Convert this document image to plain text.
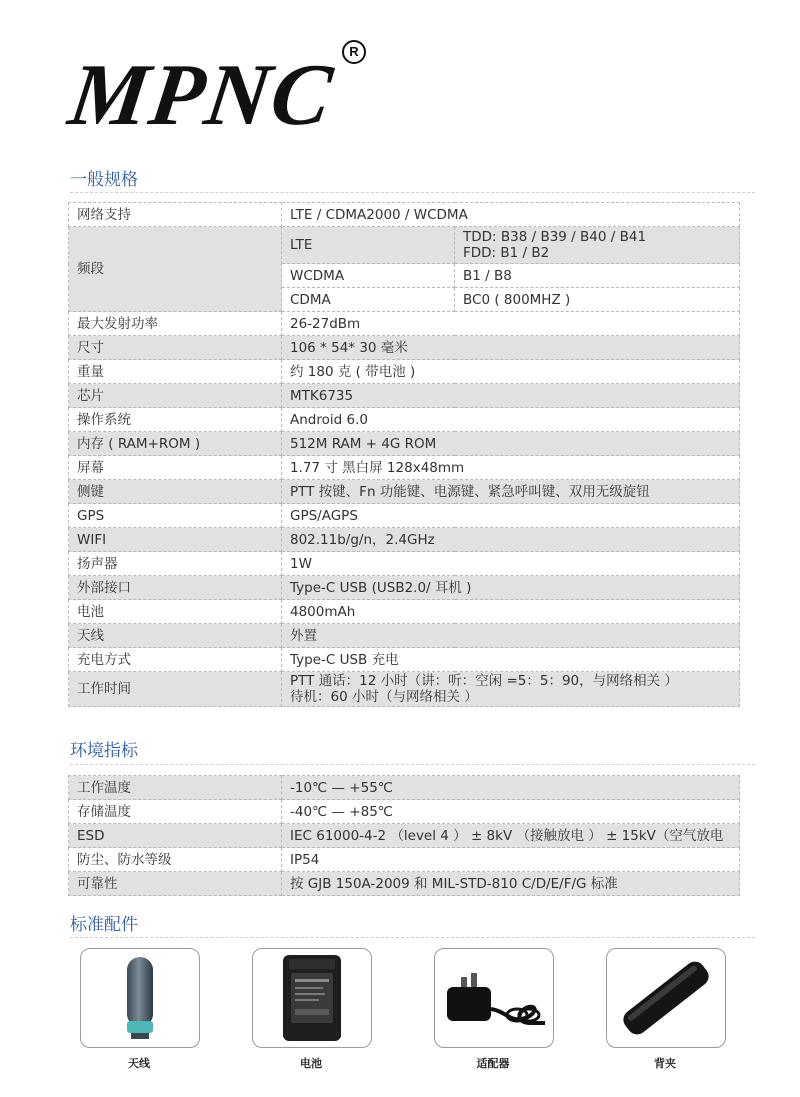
MPNC R
一般规格
网络支持	LTE / CDMA2000 / WCDMA	
频段	LTE	TDD: B38 / B39 / B40 / B41
FDD: B1 / B2

	WCDMA	B1 / B8
	CDMA	BC0 ( 800MHZ )
最大发射功率	26-27dBm	
尺寸	106 * 54* 30 毫米	
重量	约 180 克 ( 带电池 )	
芯片	MTK6735	
操作系统	Android 6.0	
内存 ( RAM+ROM )	512M RAM + 4G ROM	
屏幕	1.77 寸 黑白屏 128x48mm	
侧键	PTT 按键、Fn 功能键、电源键、紧急呼叫键、双用无级旋钮	
GPS	GPS/AGPS	
WIFI	802.11b/g/n，2.4GHz	
扬声器	1W	
外部接口	Type-C USB (USB2.0/ 耳机 )	
电池	4800mAh	
天线	外置	
充电方式	Type-C USB 充电	
工作时间	PTT 通话：12 小时（讲：听：空闲 =5：5：90，与网络相关 ）
待机：60 小时（与网络相关 ）	
环境指标
工作温度	-10℃ — +55℃
存储温度	-40℃ — +85℃
ESD	IEC 61000-4-2 （level 4 ） ± 8kV （接触放电 ） ± 15kV（空气放电
防尘、防水等级	IP54
可靠性	按 GJB 150A-2009 和 MIL-STD-810 C/D/E/F/G 标准
标准配件
天线	电池	适配器	背夹
